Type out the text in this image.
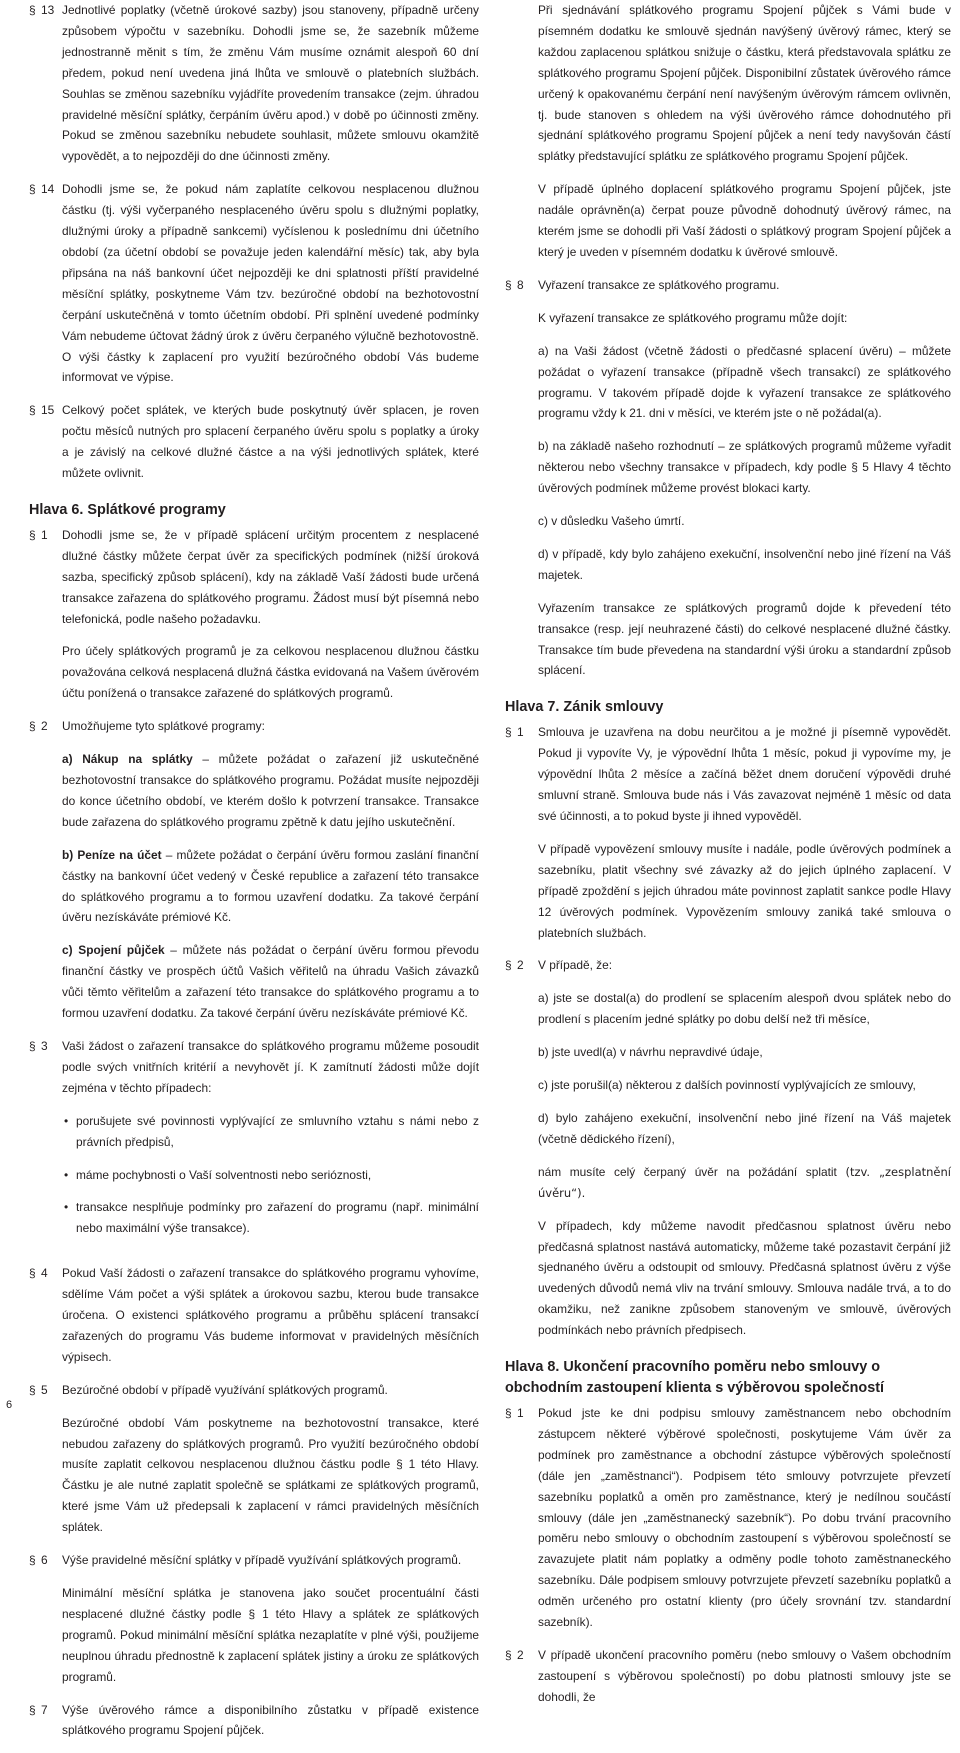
§ 13 Jednotlivé poplatky (včetně úrokové sazby) jsou stanoveny, případně určeny způsobem výpočtu v sazebníku. Dohodli jsme se, že sazebník můžeme jednostranně měnit s tím, že změnu Vám musíme oznámit alespoň 60 dní předem, pokud není uvedena jiná lhůta ve smlouvě o platebních službách. Souhlas se změnou sazebníku vyjádříte provedením transakce (zejm. úhradou pravidelné měsíční splátky, čerpáním úvěru apod.) v době po účinnosti změny. Pokud se změnou sazebníku nebudete souhlasit, můžete smlouvu okamžitě vypovědět, a to nejpozději do dne účinnosti změny.
§ 14 Dohodli jsme se, že pokud nám zaplatíte celkovou nesplacenou dlužnou částku (tj. výši vyčerpaného nesplaceného úvěru spolu s dlužnými poplatky, dlužnými úroky a případně sankcemi) vyčíslenou k poslednímu dni účetního období (za účetní období se považuje jeden kalendářní měsíc) tak, aby byla připsána na náš bankovní účet nejpozději ke dni splatnosti příští pravidelné měsíční splátky, poskytneme Vám tzv. bezúročné období na bezhotovostní čerpání uskutečněná v tomto účetním období. Při splnění uvedené podmínky Vám nebudeme účtovat žádný úrok z úvěru čerpaného výlučně bezhotovostně. O výši částky k zaplacení pro využití bezúročného období Vás budeme informovat ve výpise.
§ 15 Celkový počet splátek, ve kterých bude poskytnutý úvěr splacen, je roven počtu měsíců nutných pro splacení čerpaného úvěru spolu s poplatky a úroky a je závislý na celkové dlužné částce a na výši jednotlivých splátek, které můžete ovlivnit.
Hlava 6. Splátkové programy
§ 1	Dohodli jsme se, že v případě splácení určitým procentem z nesplacené dlužné částky můžete čerpat úvěr za specifických podmínek (nižší úroková sazba, specifický způsob splácení), kdy na základě Vaší žádosti bude určená transakce zařazena do splátkového programu. Žádost musí být písemná nebo telefonická, podle našeho požadavku.

Pro účely splátkových programů je za celkovou nesplacenou dlužnou částku považována celková nesplacená dlužná částka evidovaná na Vašem úvěrovém účtu ponížená o transakce zařazené do splátkových programů.

§ 2	Umožňujeme tyto splátkové programy:

a) Nákup na splátky – můžete požádat o zařazení již uskutečněné bezhotovostní transakce do splátkového programu. Požádat musíte nejpozději do konce účetního období, ve kterém došlo k potvrzení transakce. Transakce bude zařazena do splátkového programu zpětně k datu jejího uskutečnění.

b) Peníze na účet – můžete požádat o čerpání úvěru formou zaslání finanční částky na bankovní účet vedený v České republice a zařazení této transakce do splátkového programu a to formou uzavření dodatku. Za takové čerpání úvěru nezískáváte prémiové Kč.

c) Spojení půjček – můžete nás požádat o čerpání úvěru formou převodu finanční částky ve prospěch účtů Vašich věřitelů na úhradu Vašich závazků vůči těmto věřitelům a zařazení této transakce do splátkového programu a to formou uzavření dodatku. Za takové čerpání úvěru nezískáváte prémiové Kč.

§ 3	Vaši žádost o zařazení transakce do splátkového programu můžeme posoudit podle svých vnitřních kritérií a nevyhovět jí. K zamítnutí žádosti může dojít zejména v těchto případech:

• porušujete své povinnosti vyplývající ze smluvního vztahu s námi nebo z právních předpisů,
• máme pochybnosti o Vaší solventnosti nebo serióznosti,
• transakce nesplňuje podmínky pro zařazení do programu (např. minimální nebo maximální výše transakce).
§ 4	Pokud Vaší žádosti o zařazení transakce do splátkového programu vyhovíme, sdělíme Vám počet a výši splátek a úrokovou sazbu, kterou bude transakce úročena. O existenci splátkového programu a průběhu splácení transakcí zařazených do programu Vás budeme informovat v pravidelných měsíčních výpisech.
§ 5	Bezúročné období v případě využívání splátkových programů.

Bezúročné období Vám poskytneme na bezhotovostní transakce, které nebudou zařazeny do splátkových programů. Pro využití bezúročného období musíte zaplatit celkovou nesplacenou dlužnou částku podle § 1 této Hlavy. Částku je ale nutné zaplatit společně se splátkami ze splátkových programů, které jsme Vám už předepsali k zaplacení v rámci pravidelných měsíčních splátek.

§ 6	Výše pravidelné měsíční splátky v případě využívání splátkových programů.

Minimální měsíční splátka je stanovena jako součet procentuální části nesplacené dlužné částky podle § 1 této Hlavy a splátek ze splátkových programů. Pokud minimální měsíční splátka nezaplatíte v plné výši, použijeme neuplnou úhradu přednostně k zaplacení splátek jistiny a úroku ze splátkových programů.

§ 7	Výše úvěrového rámce a disponibilního zůstatku v případě existence splátkového programu Spojení půjček.

Při sjednávání splátkového programu Spojení půjček s Vámi bude v písemném dodatku ke smlouvě sjednán navýšený úvěrový rámec, který se každou zaplacenou splátkou snižuje o částku, která představovala splátku ze splátkového programu Spojení půjček. Disponibilní zůstatek úvěrového rámce určený k opakovanému čerpání není navýšeným úvěrovým rámcem ovlivněn, tj. bude stanoven s ohledem na výši úvěrového rámce dohodnutého při sjednání splátkového programu Spojení půjček a není tedy navyšován částí splátky představující splátku ze splátkového programu Spojení půjček.

V případě úplného doplacení splátkového programu Spojení půjček, jste nadále oprávněn(a) čerpat pouze původně dohodnutý úvěrový rámec, na kterém jsme se dohodli při Vaší žádosti o splátkový program Spojení půjček a který je uveden v písemném dodatku k úvěrové smlouvě.

§ 8	Vyřazení transakce ze splátkového programu.

K vyřazení transakce ze splátkového programu může dojít:

a) na Vaši žádost (včetně žádosti o předčasné splacení úvěru) – můžete požádat o vyřazení transakce (případně všech transakcí) ze splátkového programu. V takovém případě dojde k vyřazení transakce ze splátkového programu vždy k 21. dni v měsíci, ve kterém jste o ně požádal(a).

b) na základě našeho rozhodnutí – ze splátkových programů můžeme vyřadit některou nebo všechny transakce v případech, kdy podle § 5 Hlavy 4 těchto úvěrových podmínek můžeme provést blokaci karty.

c) v důsledku Vašeho úmrtí.

d) v případě, kdy bylo zahájeno exekuční, insolvenční nebo jiné řízení na Váš majetek.

Vyřazením transakce ze splátkových programů dojde k převedení této transakce (resp. její neuhrazené části) do celkové nesplacené dlužné částky. Transakce tím bude převedena na standardní výši úroku a standardní způsob splácení.

Hlava 7. Zánik smlouvy
§ 1	Smlouva je uzavřena na dobu neurčitou a je možné ji písemně vypovědět. Pokud ji vypovíte Vy, je výpovědní lhůta 1 měsíc, pokud ji vypovíme my, je výpovědní lhůta 2 měsíce a začíná běžet dnem doručení výpovědi druhé smluvní straně. Smlouva bude nás i Vás zavazovat nejméně 1 měsíc od data své účinnosti, a to pokud byste ji ihned vypověděl.

V případě vypovězení smlouvy musíte i nadále, podle úvěrových podmínek a sazebníku, platit všechny své závazky až do jejich úplného zaplacení. V případě zpoždění s jejich úhradou máte povinnost zaplatit sankce podle Hlavy 12 úvěrových podmínek. Vypovězením smlouvy zaniká také smlouva o platebních službách.

§ 2	V případě, že:

a) jste se dostal(a) do prodlení se splacením alespoň dvou splátek nebo do prodlení s placením jedné splátky po dobu delší než tři měsíce,

b) jste uvedl(a) v návrhu nepravdivé údaje,

c) jste porušil(a) některou z dalších povinností vyplývajících ze smlouvy,

d) bylo zahájeno exekuční, insolvenční nebo jiné řízení na Váš majetek (včetně dědického řízení),

nám musíte celý čerpaný úvěr na požádání splatit (tzv. „zesplatnění úvěru“).

V případech, kdy můžeme navodit předčasnou splatnost úvěru nebo předčasná splatnost nastává automaticky, můžeme také pozastavit čerpání již sjednaného úvěru a odstoupit od smlouvy. Předčasná splatnost úvěru z výše uvedených důvodů nemá vliv na trvání smlouvy. Smlouva nadále trvá, a to do okamžiku, než zanikne způsobem stanoveným ve smlouvě, úvěrových podmínkách nebo právních předpisech.

Hlava 8. Ukončení pracovního poměru nebo smlouvy o obchodním zastoupení klienta s výběrovou společností
§ 1	Pokud jste ke dni podpisu smlouvy zaměstnancem nebo obchodním zástupcem některé výběrové společnosti, poskytujeme Vám úvěr za podmínek pro zaměstnance a obchodní zástupce výběrových společností (dále jen „zaměstnanci“). Podpisem této smlouvy potvrzujete převzetí sazebníku poplatků a oměn pro zaměstnance, který je nedílnou součástí smlouvy (dále jen „zaměstnanecký sazebník“). Po dobu trvání pracovního poměru nebo smlouvy o obchodním zastoupení s výběrovou společností se zavazujete platit nám poplatky a odměny podle tohoto zaměstnaneckého sazebníku. Dále podpisem smlouvy potvrzujete převzetí sazebníku poplatků a odměn určeného pro ostatní klienty (pro účely srovnání tzv. standardní sazebník).
§ 2	V případě ukončení pracovního poměru (nebo smlouvy o Vašem obchodním zastoupení s výběrovou společností) po dobu platnosti smlouvy jste se dohodli, že
6
